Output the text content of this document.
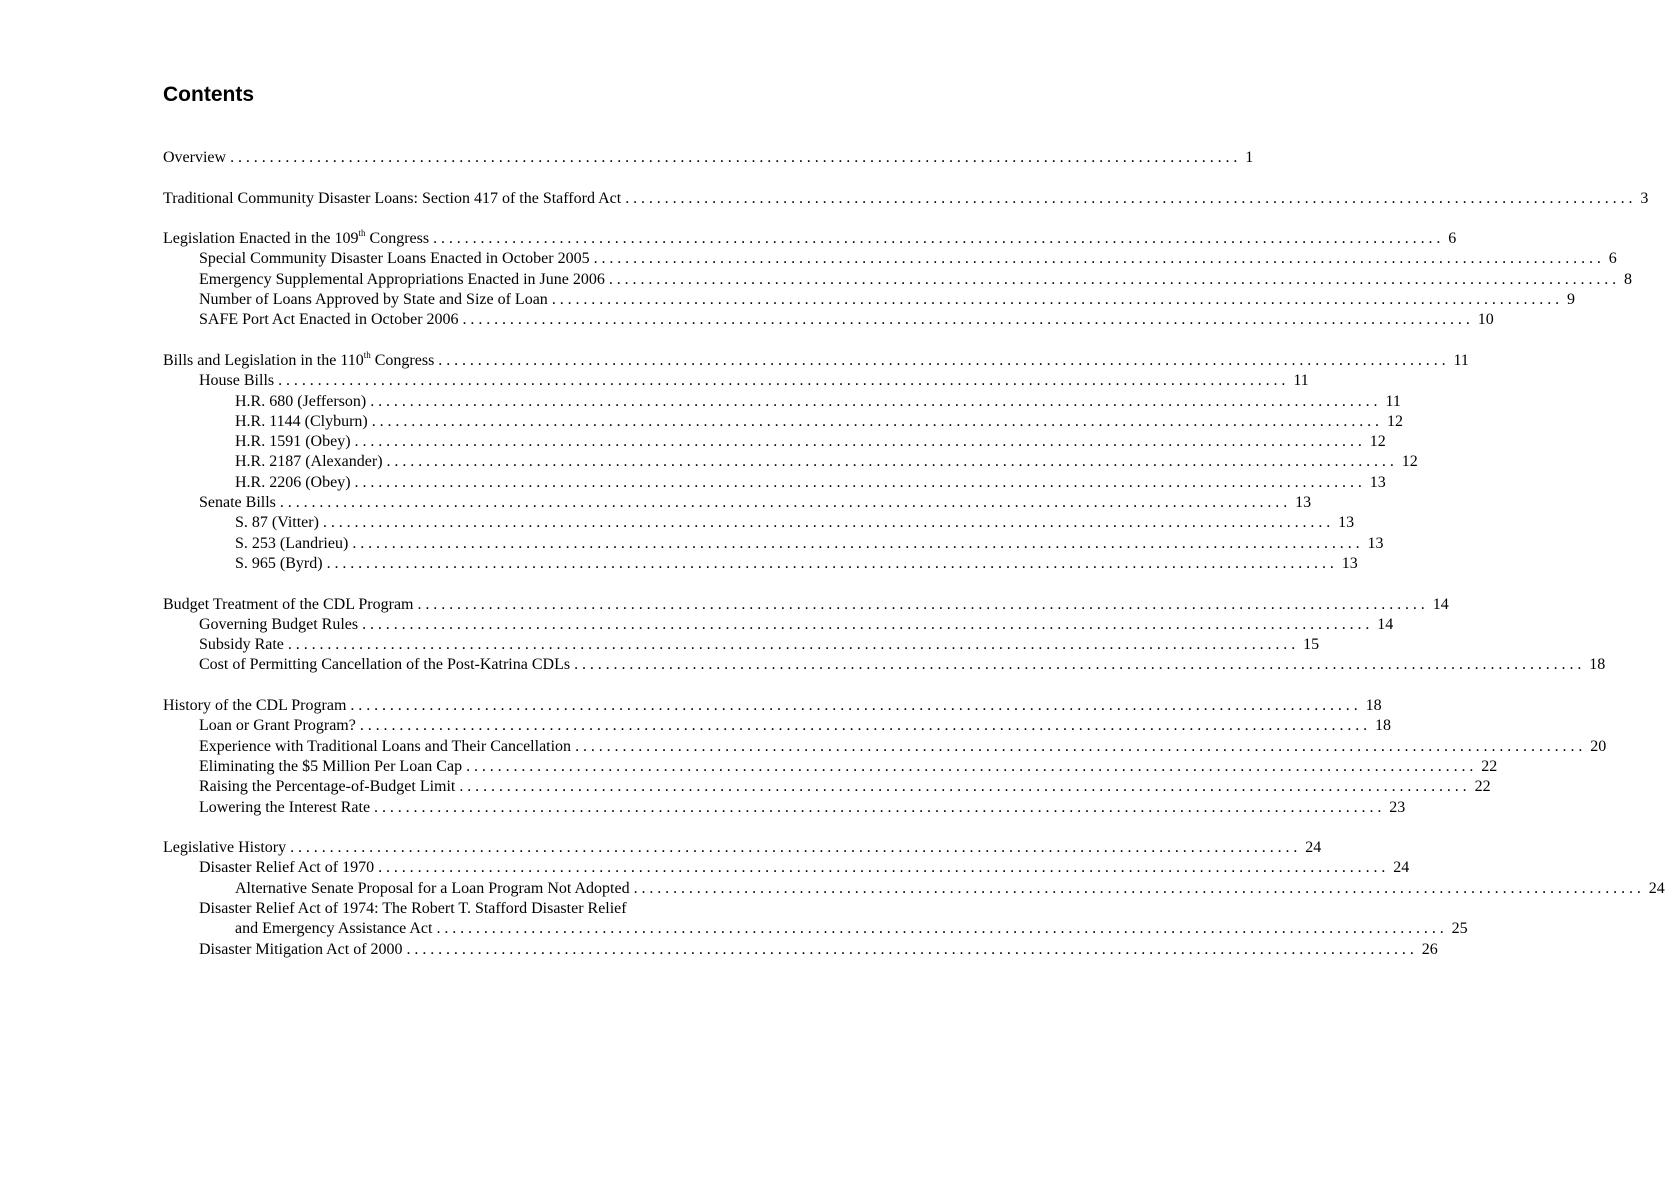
Contents
Overview ................................................................................................................................ 1
Traditional Community Disaster Loans: Section 417 of the Stafford Act ................................................................................................................................ 3
Legislation Enacted in the 109th Congress ................................................................................................................................ 6
Special Community Disaster Loans Enacted in October 2005 ................................................................................................................................ 6
Emergency Supplemental Appropriations Enacted in June 2006 ................................................................................................................................ 8
Number of Loans Approved by State and Size of Loan ................................................................................................................................ 9
SAFE Port Act Enacted in October 2006 ................................................................................................................................ 10
Bills and Legislation in the 110th Congress ................................................................................................................................ 11
House Bills ................................................................................................................................ 11
H.R. 680 (Jefferson) ................................................................................................................................ 11
H.R. 1144 (Clyburn) ................................................................................................................................ 12
H.R. 1591 (Obey) ................................................................................................................................ 12
H.R. 2187 (Alexander) ................................................................................................................................ 12
H.R. 2206 (Obey) ................................................................................................................................ 13
Senate Bills ................................................................................................................................ 13
S. 87 (Vitter) ................................................................................................................................ 13
S. 253 (Landrieu) ................................................................................................................................ 13
S. 965 (Byrd) ................................................................................................................................ 13
Budget Treatment of the CDL Program ................................................................................................................................ 14
Governing Budget Rules ................................................................................................................................ 14
Subsidy Rate ................................................................................................................................ 15
Cost of Permitting Cancellation of the Post-Katrina CDLs ................................................................................................................................ 18
History of the CDL Program ................................................................................................................................ 18
Loan or Grant Program? ................................................................................................................................ 18
Experience with Traditional Loans and Their Cancellation ................................................................................................................................ 20
Eliminating the $5 Million Per Loan Cap ................................................................................................................................ 22
Raising the Percentage-of-Budget Limit ................................................................................................................................ 22
Lowering the Interest Rate ................................................................................................................................ 23
Legislative History ................................................................................................................................ 24
Disaster Relief Act of 1970 ................................................................................................................................ 24
Alternative Senate Proposal for a Loan Program Not Adopted ................................................................................................................................ 24
Disaster Relief Act of 1974: The Robert T. Stafford Disaster Relief
and Emergency Assistance Act ................................................................................................................................ 25
Disaster Mitigation Act of 2000 ................................................................................................................................ 26
